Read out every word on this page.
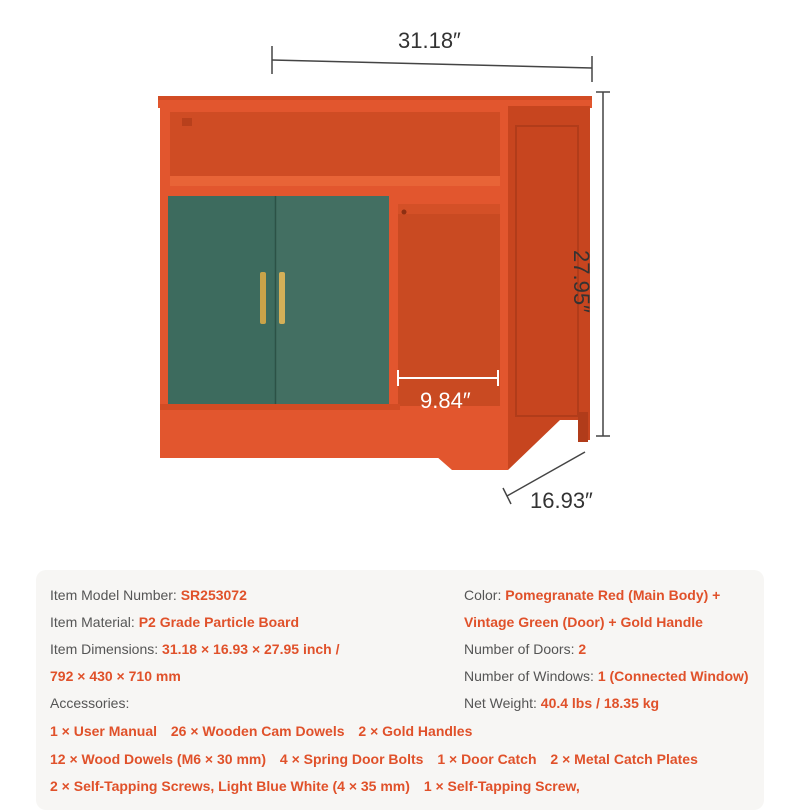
31.18″
27.95″
16.93″
9.84″
Item Model Number: SR253072
Item Material: P2 Grade Particle Board
Item Dimensions: 31.18 × 16.93 × 27.95 inch /
792 × 430 × 710 mm
Accessories:
Color: Pomegranate Red (Main Body) +
Vintage Green (Door) + Gold Handle
Number of Doors: 2
Number of Windows: 1 (Connected Window)
Net Weight: 40.4 lbs / 18.35 kg
1 × User Manual 26 × Wooden Cam Dowels 2 × Gold Handles
12 × Wood Dowels (M6 × 30 mm) 4 × Spring Door Bolts 1 × Door Catch 2 × Metal Catch Plates
2 × Self-Tapping Screws, Light Blue White (4 × 35 mm) 1 × Self-Tapping Screw,
